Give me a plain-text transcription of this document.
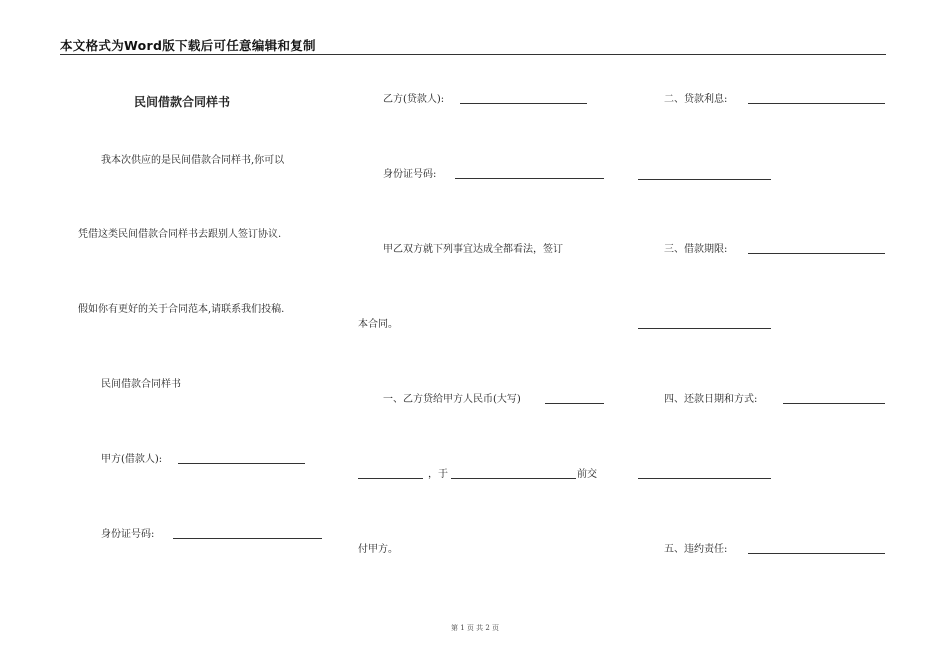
本文格式为Word版下载后可任意编辑和复制
民间借款合同样书
我本次供应的是民间借款合同样书,你可以
凭借这类民间借款合同样书去跟别人签订协议.
假如你有更好的关于合同范本,请联系我们投稿.
民间借款合同样书
甲方(借款人):
身份证号码:
乙方(贷款人):
身份证号码:
甲乙双方就下列事宜达成全都看法，签订
本合同。
一、乙方贷给甲方人民币(大写)
，于	前交
付甲方。
二、贷款利息:
三、借款期限:
四、还款日期和方式:
五、违约责任:
第 1 页 共 2 页
